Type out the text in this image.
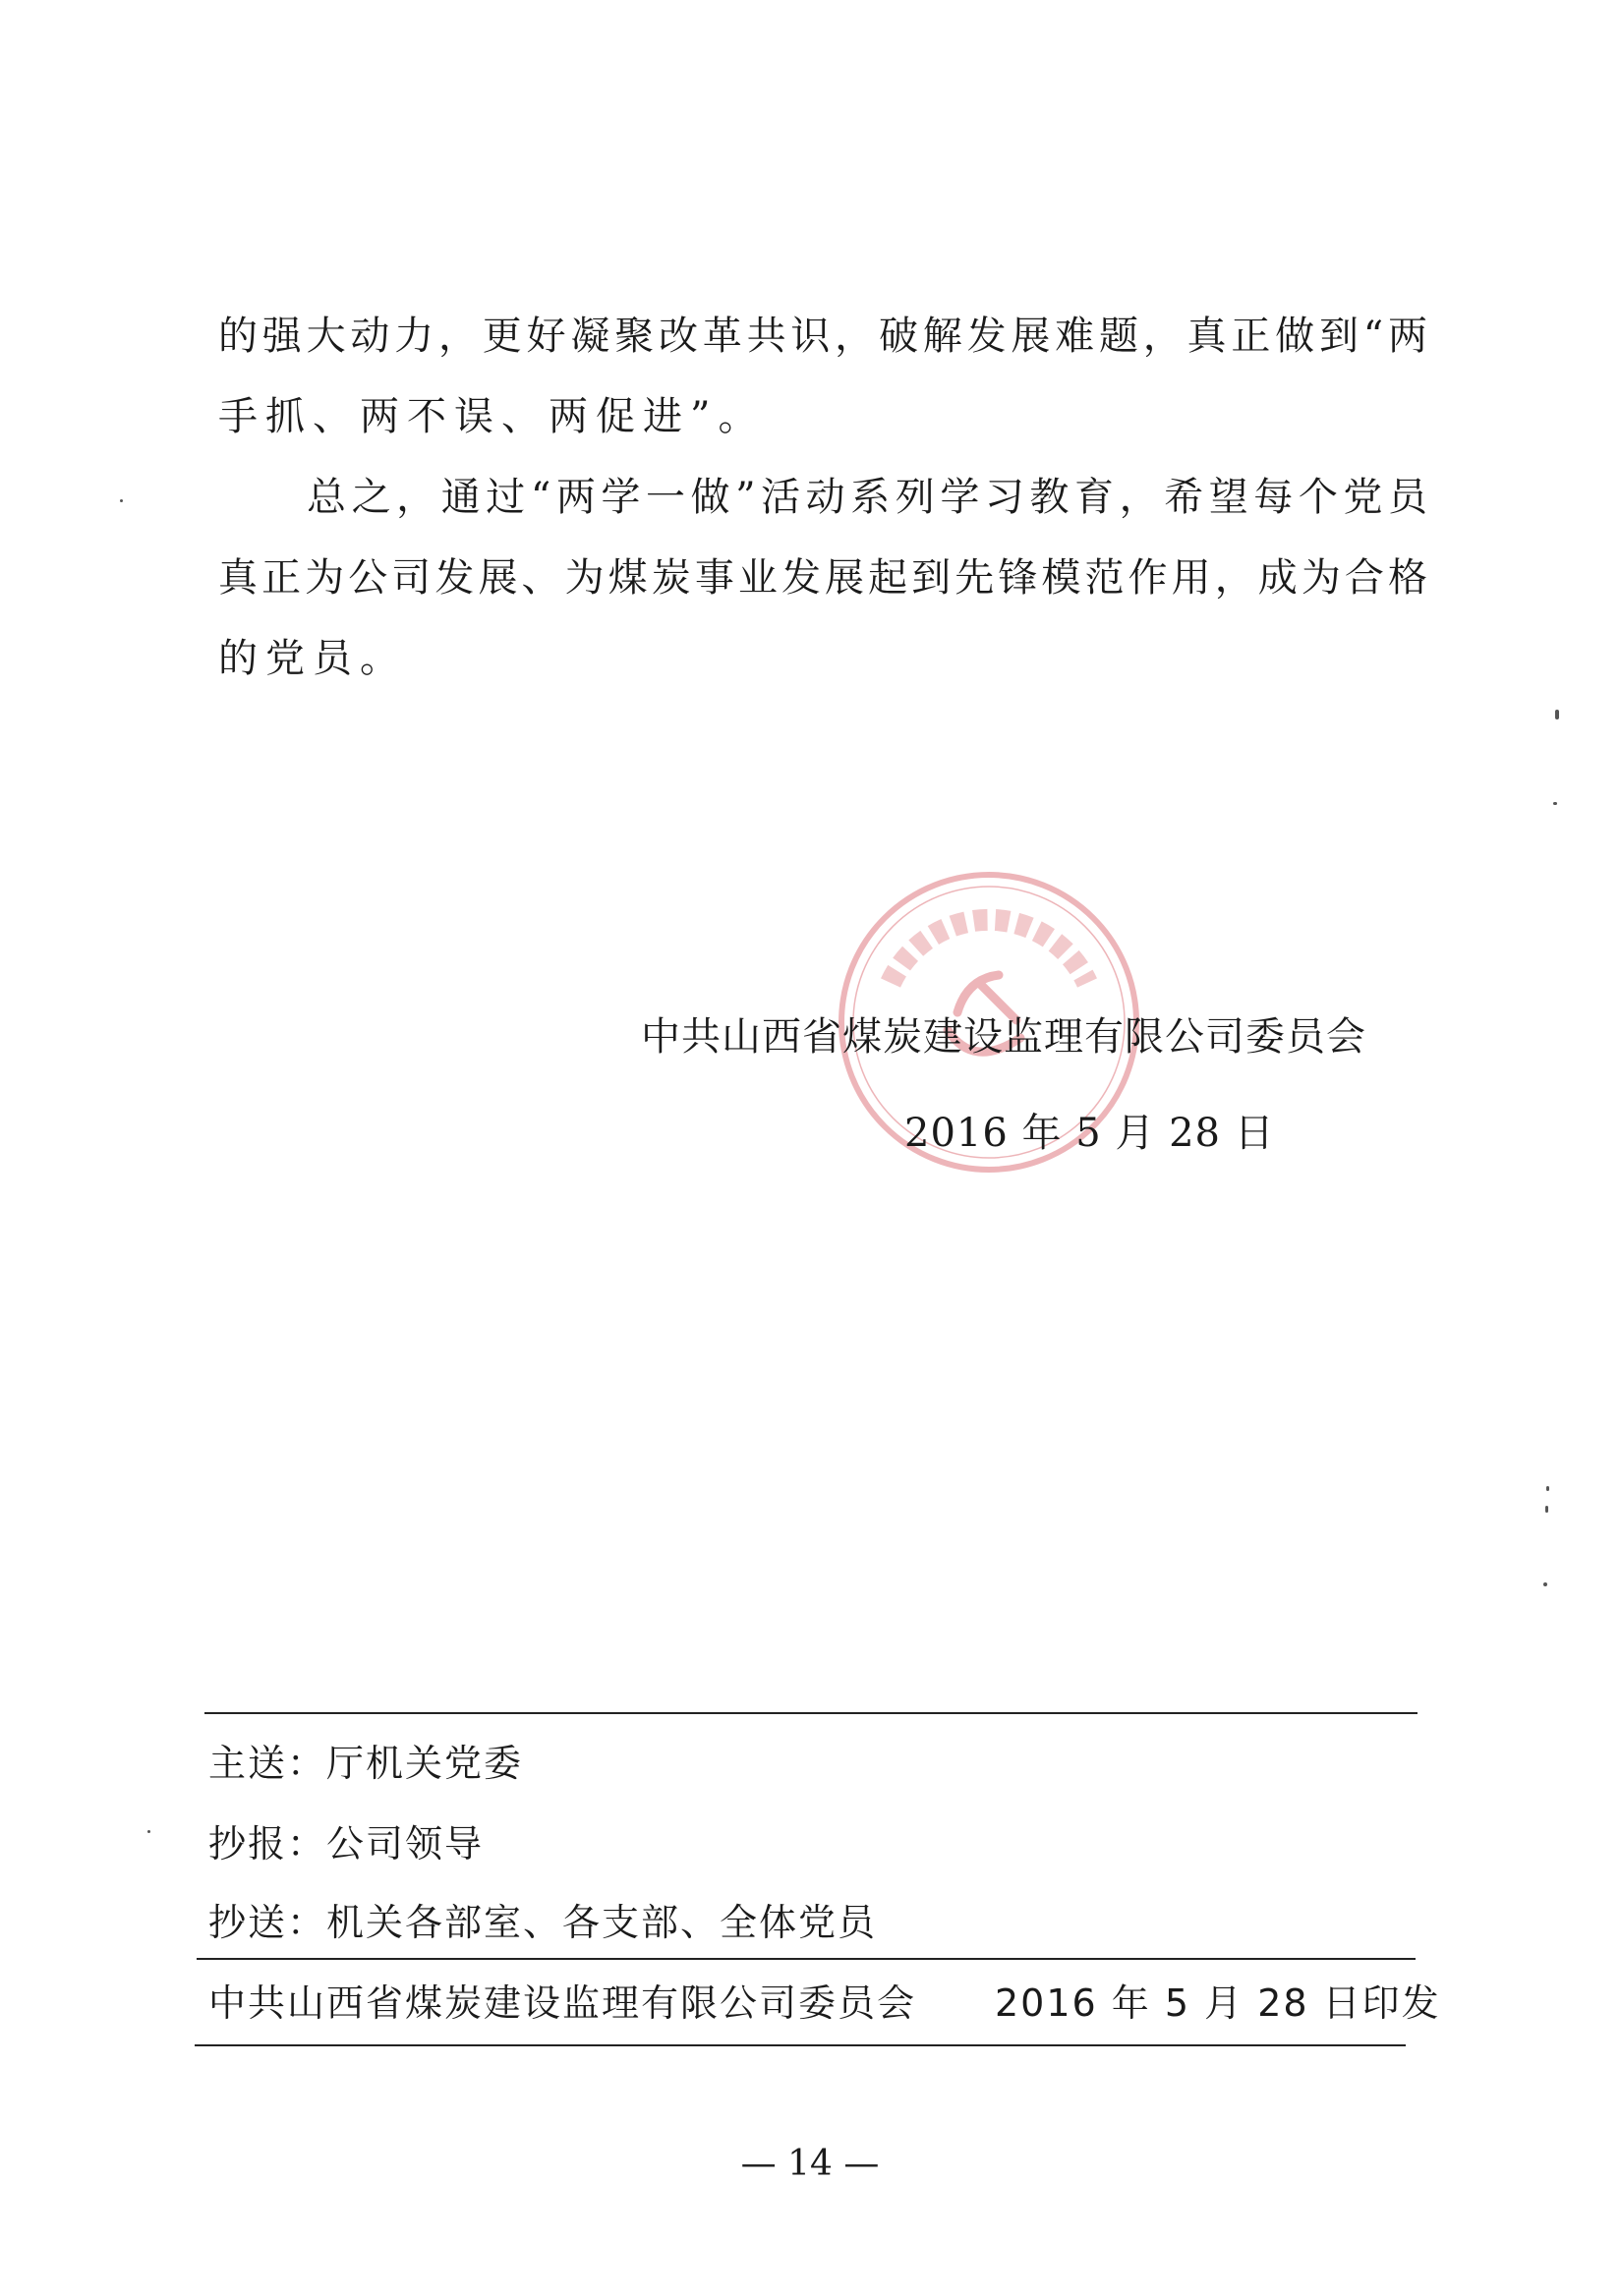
的强大动力，更好凝聚改革共识，破解发展难题，真正做到“两
手抓、两不误、两促进”。
总之，通过“两学一做”活动系列学习教育，希望每个党员
真正为公司发展、为煤炭事业发展起到先锋模范作用，成为合格
的党员。
中共山西省煤炭建设监理有限公司委员会
2016 年 5 月 28 日
主送：厅机关党委
抄报：公司领导
抄送：机关各部室、各支部、全体党员
中共山西省煤炭建设监理有限公司委员会 2016 年 5 月 28 日印发
— 14 —
